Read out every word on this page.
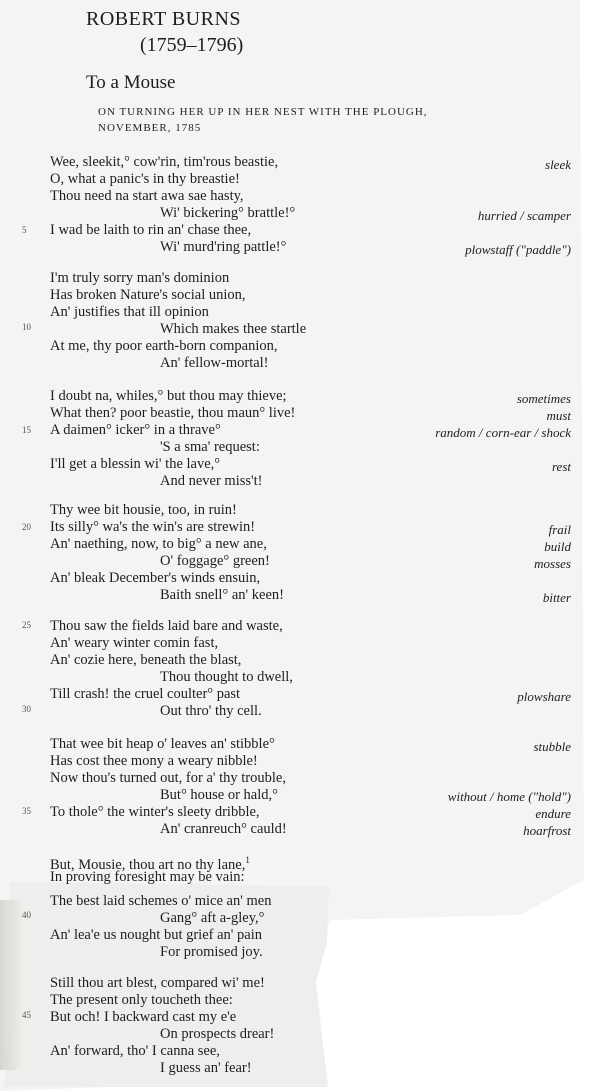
ROBERT BURNS
(1759–1796)
To a Mouse
ON TURNING HER UP IN HER NEST WITH THE PLOUGH,
NOVEMBER, 1785
Wee, sleekit,° cow'rin, tim'rous beastie,
O, what a panic's in thy breastie!
Thou need na start awa sae hasty,
Wi' bickering° brattle!°
I wad be laith to rin an' chase thee,
Wi' murd'ring pattle!°
I'm truly sorry man's dominion
Has broken Nature's social union,
An' justifies that ill opinion
Which makes thee startle
At me, thy poor earth-born companion,
An' fellow-mortal!
I doubt na, whiles,° but thou may thieve;
What then? poor beastie, thou maun° live!
A daimen° icker° in a thrave°
'S a sma' request:
I'll get a blessin wi' the lave,°
And never miss't!
Thy wee bit housie, too, in ruin!
Its silly° wa's the win's are strewin!
An' naething, now, to big° a new ane,
O' foggage° green!
An' bleak December's winds ensuin,
Baith snell° an' keen!
Thou saw the fields laid bare and waste,
An' weary winter comin fast,
An' cozie here, beneath the blast,
Thou thought to dwell,
Till crash! the cruel coulter° past
Out thro' thy cell.
That wee bit heap o' leaves an' stibble°
Has cost thee mony a weary nibble!
Now thou's turned out, for a' thy trouble,
But° house or hald,°
To thole° the winter's sleety dribble,
An' cranreuch° cauld!
But, Mousie, thou art no thy lane,$^1$
In proving foresight may be vain:
The best laid schemes o' mice an' men
Gang° aft a-gley,°
An' lea'e us nought but grief an' pain
For promised joy.
Still thou art blest, compared wi' me!
The present only toucheth thee:
But och! I backward cast my e'e
On prospects drear!
An' forward, tho' I canna see,
I guess an' fear!
sleek
hurried / scamper
plowstaff ("paddle")
sometimes
must
random / corn-ear / shock
rest
frail
build
mosses
bitter
plowshare
stubble
without / home ("hold")
endure
hoarfrost
5
10
15
20
25
30
35
40
45
